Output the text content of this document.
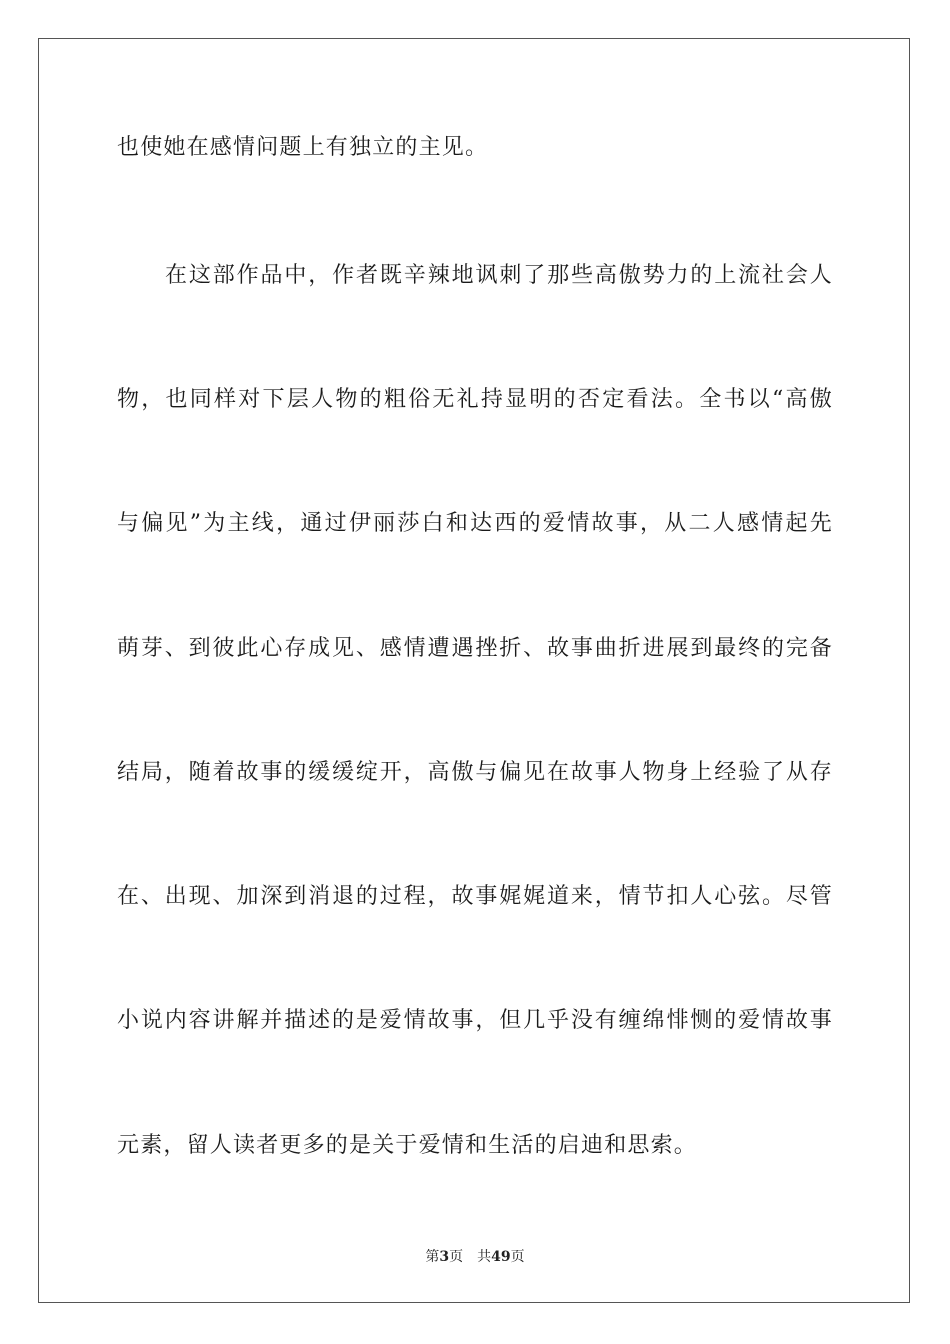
也使她在感情问题上有独立的主见。
在这部作品中，作者既辛辣地讽刺了那些高傲势力的上流社会人
物，也同样对下层人物的粗俗无礼持显明的否定看法。全书以“高傲
与偏见”为主线，通过伊丽莎白和达西的爱情故事，从二人感情起先
萌芽、到彼此心存成见、感情遭遇挫折、故事曲折进展到最终的完备
结局，随着故事的缓缓绽开，高傲与偏见在故事人物身上经验了从存
在、出现、加深到消退的过程，故事娓娓道来，情节扣人心弦。尽管
小说内容讲解并描述的是爱情故事，但几乎没有缠绵悱恻的爱情故事
元素，留人读者更多的是关于爱情和生活的启迪和思索。
第3页 共49页
